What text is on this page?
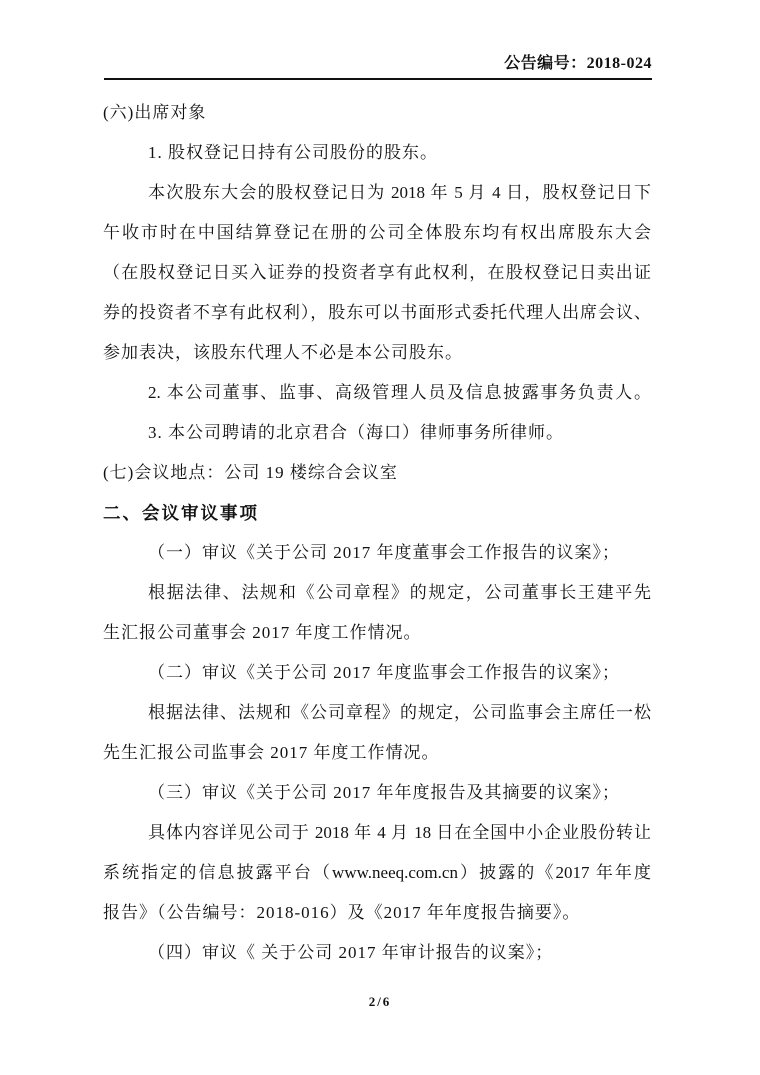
公告编号：2018-024
(六)出席对象
1. 股权登记日持有公司股份的股东。
本次股东大会的股权登记日为 2018 年 5 月 4 日，股权登记日下
午收市时在中国结算登记在册的公司全体股东均有权出席股东大会
（在股权登记日买入证券的投资者享有此权利，在股权登记日卖出证
券的投资者不享有此权利），股东可以书面形式委托代理人出席会议、
参加表决，该股东代理人不必是本公司股东。
2. 本公司董事、监事、高级管理人员及信息披露事务负责人。
3. 本公司聘请的北京君合（海口）律师事务所律师。
(七)会议地点：公司 19 楼综合会议室
二、会议审议事项
（一）审议《关于公司 2017 年度董事会工作报告的议案》；
根据法律、法规和《公司章程》的规定，公司董事长王建平先
生汇报公司董事会 2017 年度工作情况。
（二）审议《关于公司 2017 年度监事会工作报告的议案》；
根据法律、法规和《公司章程》的规定，公司监事会主席任一松
先生汇报公司监事会 2017 年度工作情况。
（三）审议《关于公司 2017 年年度报告及其摘要的议案》；
具体内容详见公司于 2018 年 4 月 18 日在全国中小企业股份转让
系统指定的信息披露平台（www.neeq.com.cn）披露的《2017 年年度
报告》（公告编号：2018-016）及《2017 年年度报告摘要》。
（四）审议《 关于公司 2017 年审计报告的议案》；
2/6
